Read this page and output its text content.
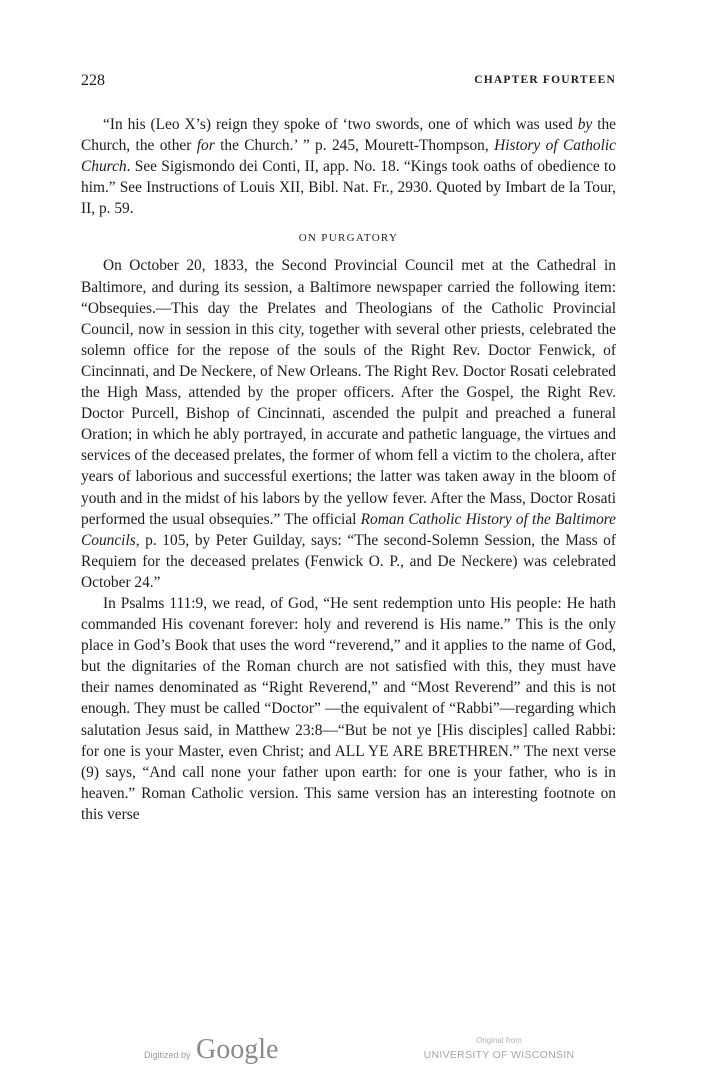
228	CHAPTER FOURTEEN

“In his (Leo X’s) reign they spoke of ‘two swords, one of which was used by the Church, the other for the Church.’ ” p. 245, Mourett-Thompson, History of Catholic Church. See Sigismondo dei Conti, II, app. No. 18. “Kings took oaths of obedience to him.” See Instructions of Louis XII, Bibl. Nat. Fr., 2930. Quoted by Imbart de la Tour, II, p. 59.

ON PURGATORY

On October 20, 1833, the Second Provincial Council met at the Cathedral in Baltimore, and during its session, a Baltimore newspaper carried the following item: “Obsequies.—This day the Prelates and Theologians of the Catholic Provincial Council, now in session in this city, together with several other priests, celebrated the solemn office for the repose of the souls of the Right Rev. Doctor Fenwick, of Cincinnati, and De Neckere, of New Orleans. The Right Rev. Doctor Rosati celebrated the High Mass, attended by the proper officers. After the Gospel, the Right Rev. Doctor Purcell, Bishop of Cincinnati, ascended the pulpit and preached a funeral Oration; in which he ably portrayed, in accurate and pathetic language, the virtues and services of the deceased prelates, the former of whom fell a victim to the cholera, after years of laborious and successful exertions; the latter was taken away in the bloom of youth and in the midst of his labors by the yellow fever. After the Mass, Doctor Rosati performed the usual obsequies.” The official Roman Catholic History of the Baltimore Councils, p. 105, by Peter Guilday, says: “The second-Solemn Session, the Mass of Requiem for the deceased prelates (Fenwick O. P., and De Neckere) was celebrated October 24.”

In Psalms 111:9, we read, of God, “He sent redemption unto His people: He hath commanded His covenant forever: holy and reverend is His name.” This is the only place in God’s Book that uses the word “reverend,” and it applies to the name of God, but the dignitaries of the Roman church are not satisfied with this, they must have their names denominated as “Right Reverend,” and “Most Reverend” and this is not enough. They must be called “Doctor” —the equivalent of “Rabbi”—regarding which salutation Jesus said, in Matthew 23:8—“But be not ye [His disciples] called Rabbi: for one is your Master, even Christ; and ALL YE ARE BRETHREN.” The next verse (9) says, “And call none your father upon earth: for one is your father, who is in heaven.” Roman Catholic version. This same version has an interesting footnote on this verse

Digitized by Google	Original from
UNIVERSITY OF WISCONSIN
